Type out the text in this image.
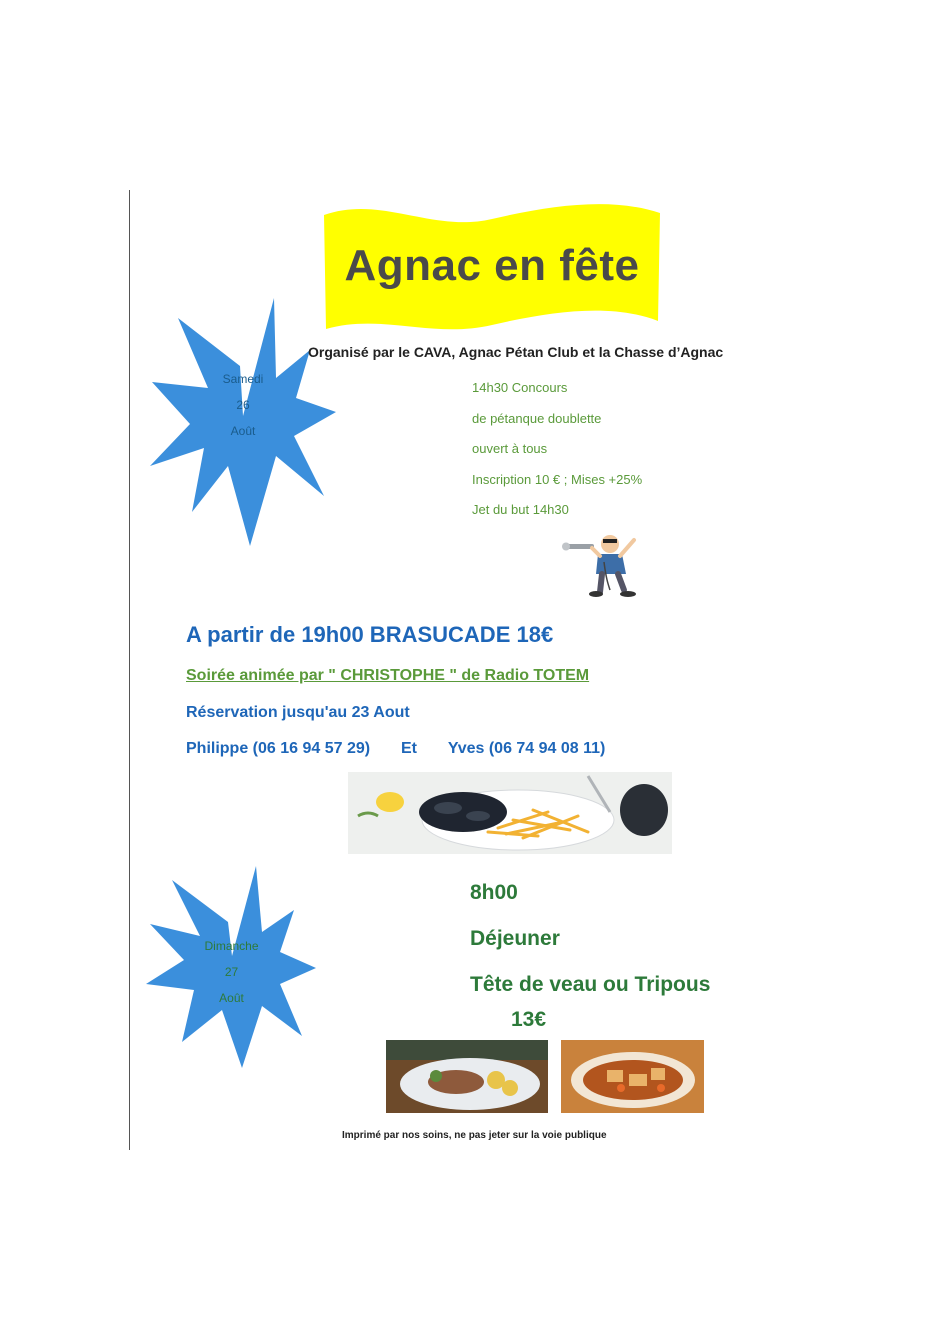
Agnac en fête
Samedi
26
Août
Organisé par le CAVA, Agnac Pétan Club et la Chasse d’Agnac
14h30 Concours
de pétanque doublette
ouvert à tous
Inscription 10 € ; Mises +25%
Jet du but 14h30
A partir de 19h00 BRASUCADE 18€
Soirée animée par " CHRISTOPHE " de Radio TOTEM
Réservation jusqu'au 23 Aout
Philippe (06 16 94 57 29) Et Yves (06 74 94 08 11)
Dimanche
27
Août
8h00
Déjeuner
Tête de veau ou Tripous
13€
Imprimé par nos soins, ne pas jeter sur la voie publique
